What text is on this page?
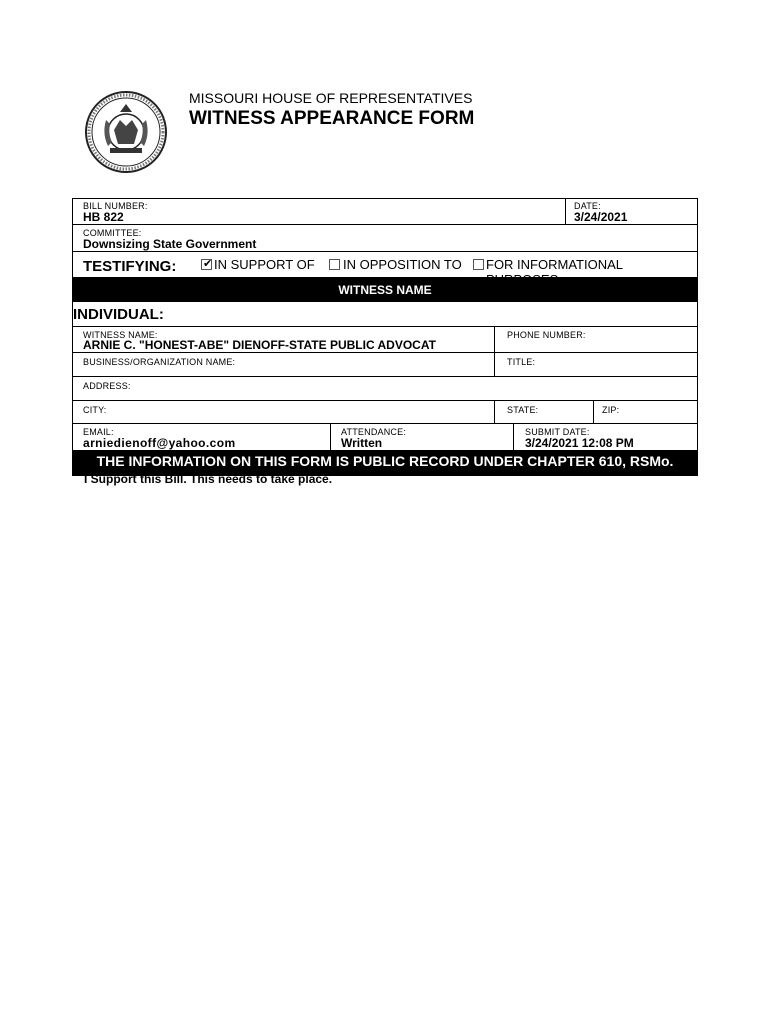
MISSOURI HOUSE OF REPRESENTATIVES
WITNESS APPEARANCE FORM
BILL NUMBER:
HB 822
DATE:
3/24/2021
COMMITTEE:
Downsizing State Government
TESTIFYING: ✔ IN SUPPORT OF IN OPPOSITION TO FOR INFORMATIONAL
WITNESS NAME
INDIVIDUAL:
WITNESS NAME:
ARNIE C. "HONEST-ABE" DIENOFF-STATE PUBLIC ADVOCAT
PHONE NUMBER:
BUSINESS/ORGANIZATION NAME:	TITLE:
ADDRESS:
CITY:	STATE:	ZIP:
EMAIL:
arniedienoff@yahoo.com
ATTENDANCE:
Written
SUBMIT DATE:
3/24/2021 12:08 PM
THE INFORMATION ON THIS FORM IS PUBLIC RECORD UNDER CHAPTER 610, RSMo.
I Support this Bill. This needs to take place.
